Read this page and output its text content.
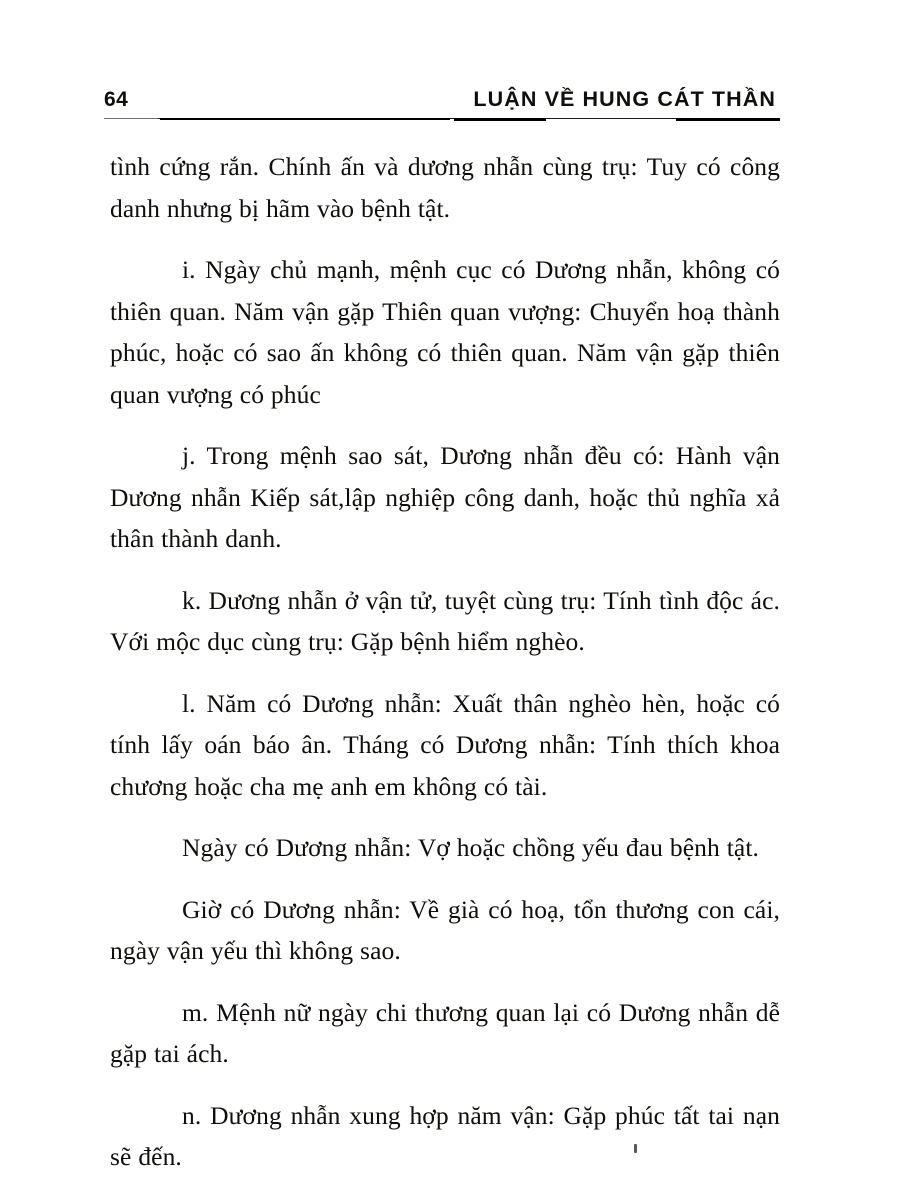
64	LUẬN VỀ HUNG CÁT THẦN

tình cứng rắn. Chính ấn và dương nhẫn cùng trụ: Tuy có công danh nhưng bị hãm vào bệnh tật.

i. Ngày chủ mạnh, mệnh cục có Dương nhẫn, không có thiên quan. Năm vận gặp Thiên quan vượng: Chuyển hoạ thành phúc, hoặc có sao ấn không có thiên quan. Năm vận gặp thiên quan vượng có phúc

j. Trong mệnh sao sát, Dương nhẫn đều có: Hành vận Dương nhẫn Kiếp sát,lập nghiệp công danh, hoặc thủ nghĩa xả thân thành danh.

k. Dương nhẫn ở vận tử, tuyệt cùng trụ: Tính tình độc ác. Với mộc dục cùng trụ: Gặp bệnh hiểm nghèo.

l. Năm có Dương nhẫn: Xuất thân nghèo hèn, hoặc có tính lấy oán báo ân. Tháng có Dương nhẫn: Tính thích khoa chương hoặc cha mẹ anh em không có tài.

Ngày có Dương nhẫn: Vợ hoặc chồng yếu đau bệnh tật.

Giờ có Dương nhẫn: Về già có hoạ, tổn thương con cái, ngày vận yếu thì không sao.

m. Mệnh nữ ngày chi thương quan lại có Dương nhẫn dễ gặp tai ách.

n. Dương nhẫn xung hợp năm vận: Gặp phúc tất tai nạn sẽ đến.
